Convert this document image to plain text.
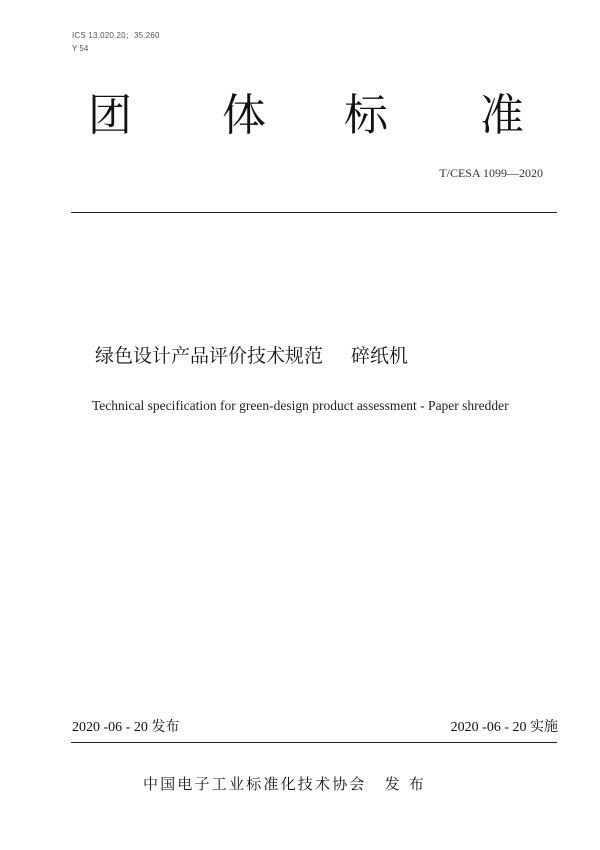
ICS 13.020.20；35.260
Y 54
团 体 标 准
T/CESA 1099—2020
绿色设计产品评价技术规范 碎纸机
Technical specification for green-design product assessment - Paper shredder
2020 -06 - 20 发布	2020 -06 - 20 实施
中国电子工业标准化技术协会 发 布
